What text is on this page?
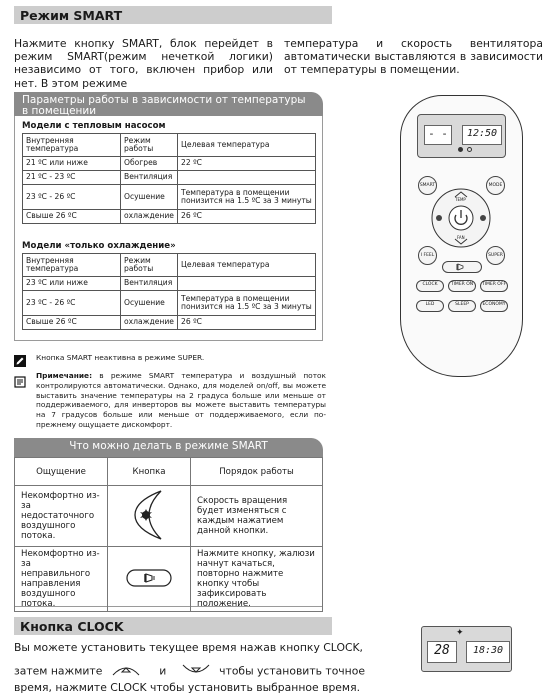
Режим SMART
Нажмите кнопку SMART, блок перейдет в режим SMART(режим нечеткой логики) независимо от того, включен прибор или нет. В этом режиме
температура и скорость вентилятора автоматически выставляются в зависимости от температуры в помещении.
Параметры работы в зависимости от температуры в помещении
Модели с тепловым насосом
Внутренняя температура	Режим работы	Целевая температура
21 ºC или ниже	Обогрев	22 ºC
21 ºC - 23 ºC	Вентиляция	
23 ºC - 26 ºC	Осушение	Температура в помещении понизится на 1.5 ºC за 3 минуты
Свыше 26 ºC	охлаждение	26 ºC
Модели «только охлаждение»
Внутренняя температура	Режим работы	Целевая температура
23 ºC или ниже	Вентиляция	
23 ºC - 26 ºC	Осушение	Температура в помещении понизится на 1.5 ºC за 3 минуты
Свыше 26 ºC	охлаждение	26 ºC
Кнопка SMART неактивна в режиме SUPER.
Примечание: в режиме SMART температура и воздушный поток контролируются автоматически. Однако, для моделей on/off, вы можете выставить значение температуры на 2 градуса больше или меньше от поддерживаемого, для инверторов вы можете выставить температуры на 7 градусов больше или меньше от поддерживаемого, если по-прежнему ощущаете дискомфорт.
Что можно делать в режиме SMART
Ощущение	Кнопка	Порядок работы
Некомфортно из-за недостаточного воздушного потока.		Скорость вращения будет изменяться с каждым нажатием данной кнопки.
Некомфортно из-за неправильного направления воздушного потока.		Нажмите кнопку, жалюзи начнут качаться, повторно нажмите кнопку чтобы зафиксировать положение.
- -	12:50
SMART	MODE
TEMP
FAN
I FEEL	SUPER
CLOCK	TIMER ON	TIMER OFF
LED	SLEEP	ECONOMY
Кнопка CLOCK
Вы можете установить текущее время нажав кнопку CLOCK,
затем нажмите	и	чтобы установить точное
время, нажмите CLOCK чтобы установить выбранное время.
✦
28	18:30
